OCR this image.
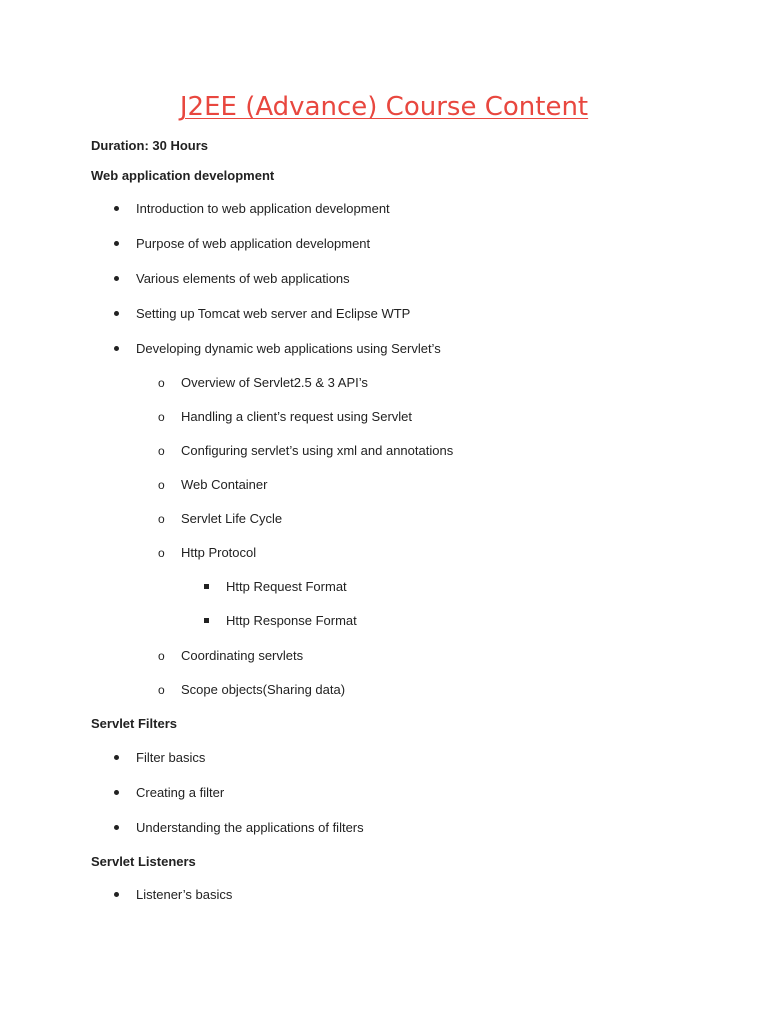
J2EE (Advance) Course Content
Duration: 30 Hours
Web application development
Introduction to web application development
Purpose of web application development
Various elements of web applications
Setting up Tomcat web server and Eclipse WTP
Developing dynamic web applications using Servlet’s
o Overview of Servlet2.5 & 3 API’s
o Handling a client’s request using Servlet
o Configuring servlet’s using xml and annotations
o Web Container
o Servlet Life Cycle
o Http Protocol
Http Request Format
Http Response Format
o Coordinating servlets
o Scope objects(Sharing data)
Servlet Filters
Filter basics
Creating a filter
Understanding the applications of filters
Servlet Listeners
Listener’s basics
